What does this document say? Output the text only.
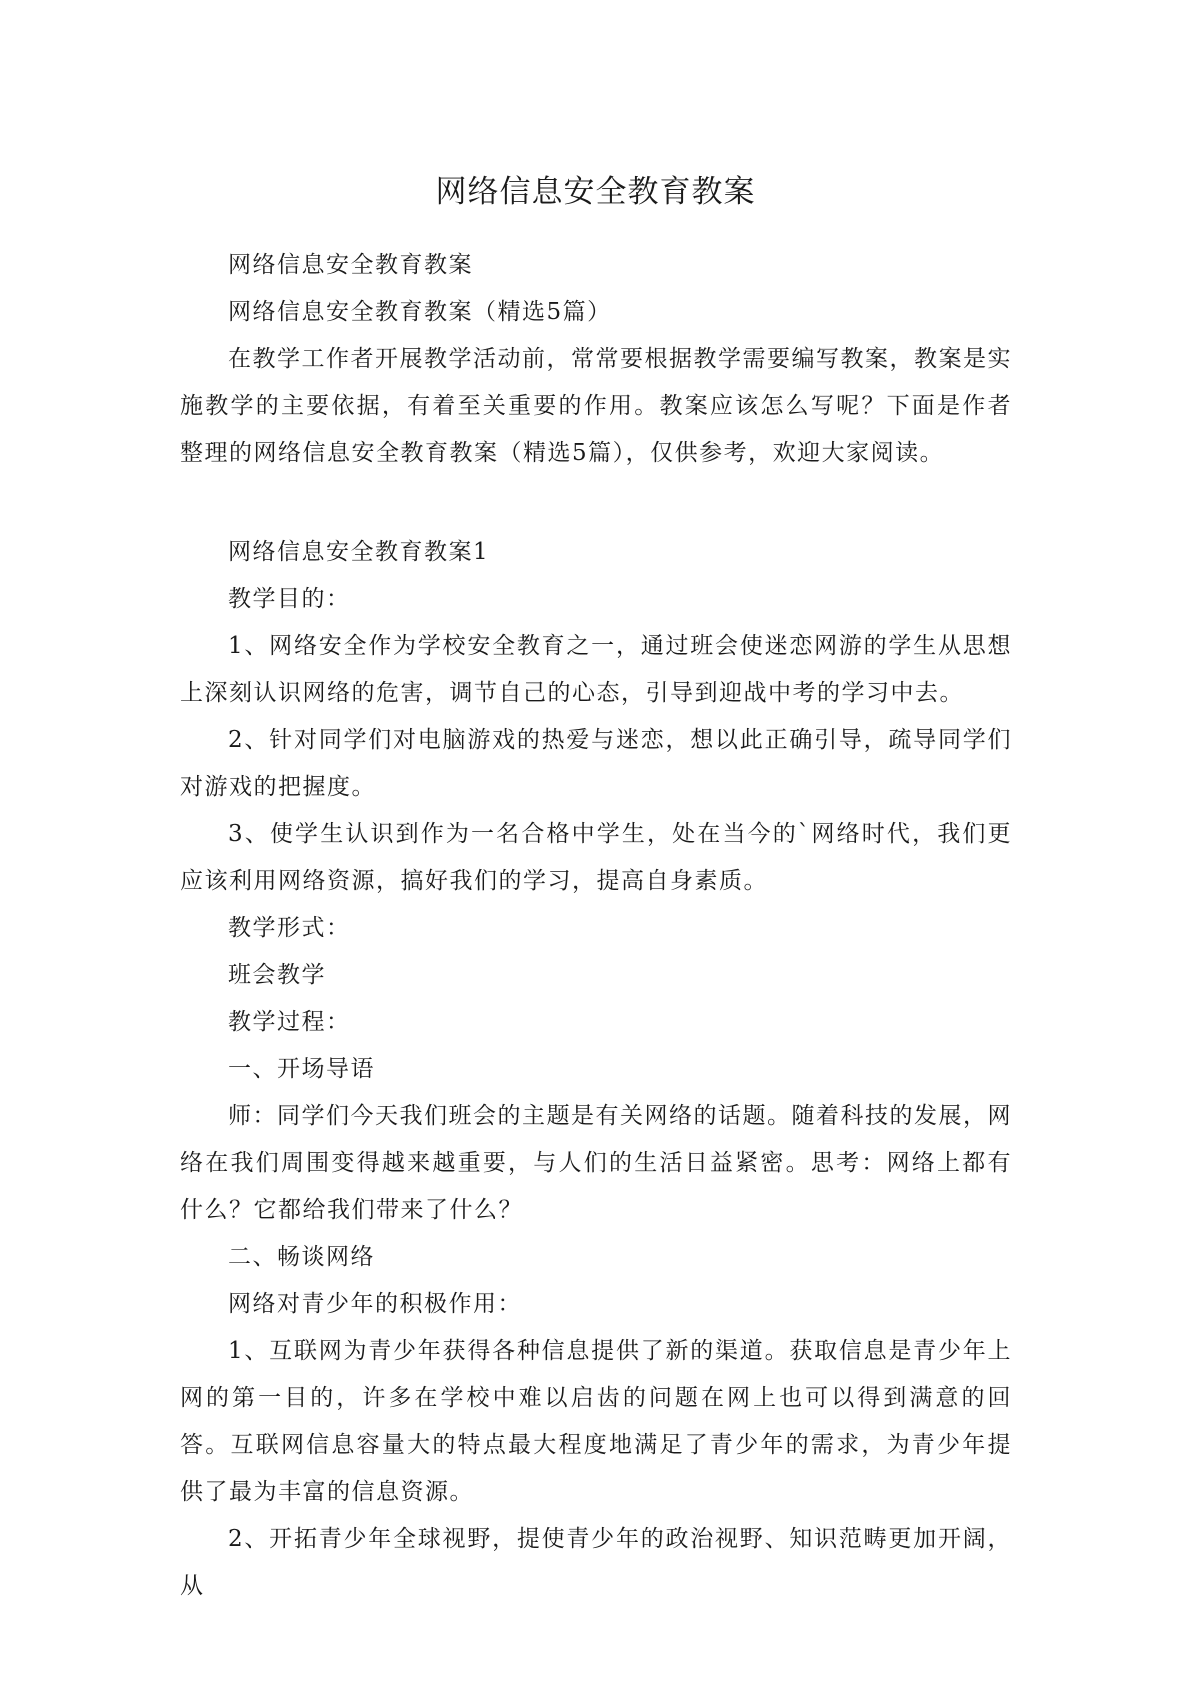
网络信息安全教育教案

网络信息安全教育教案

网络信息安全教育教案（精选5篇）

在教学工作者开展教学活动前，常常要根据教学需要编写教案，教案是实施教学的主要依据，有着至关重要的作用。教案应该怎么写呢？下面是作者整理的网络信息安全教育教案（精选5篇），仅供参考，欢迎大家阅读。

网络信息安全教育教案1

教学目的：

1、网络安全作为学校安全教育之一，通过班会使迷恋网游的学生从思想上深刻认识网络的危害，调节自己的心态，引导到迎战中考的学习中去。

2、针对同学们对电脑游戏的热爱与迷恋，想以此正确引导，疏导同学们对游戏的把握度。

3、使学生认识到作为一名合格中学生，处在当今的`网络时代，我们更应该利用网络资源，搞好我们的学习，提高自身素质。

教学形式：

班会教学

教学过程：

一、开场导语

师：同学们今天我们班会的主题是有关网络的话题。随着科技的发展，网络在我们周围变得越来越重要，与人们的生活日益紧密。思考：网络上都有什么？它都给我们带来了什么？

二、畅谈网络

网络对青少年的积极作用：

1、互联网为青少年获得各种信息提供了新的渠道。获取信息是青少年上网的第一目的，许多在学校中难以启齿的问题在网上也可以得到满意的回答。互联网信息容量大的特点最大程度地满足了青少年的需求，为青少年提供了最为丰富的信息资源。

2、开拓青少年全球视野，提使青少年的政治视野、知识范畴更加开阔，从
